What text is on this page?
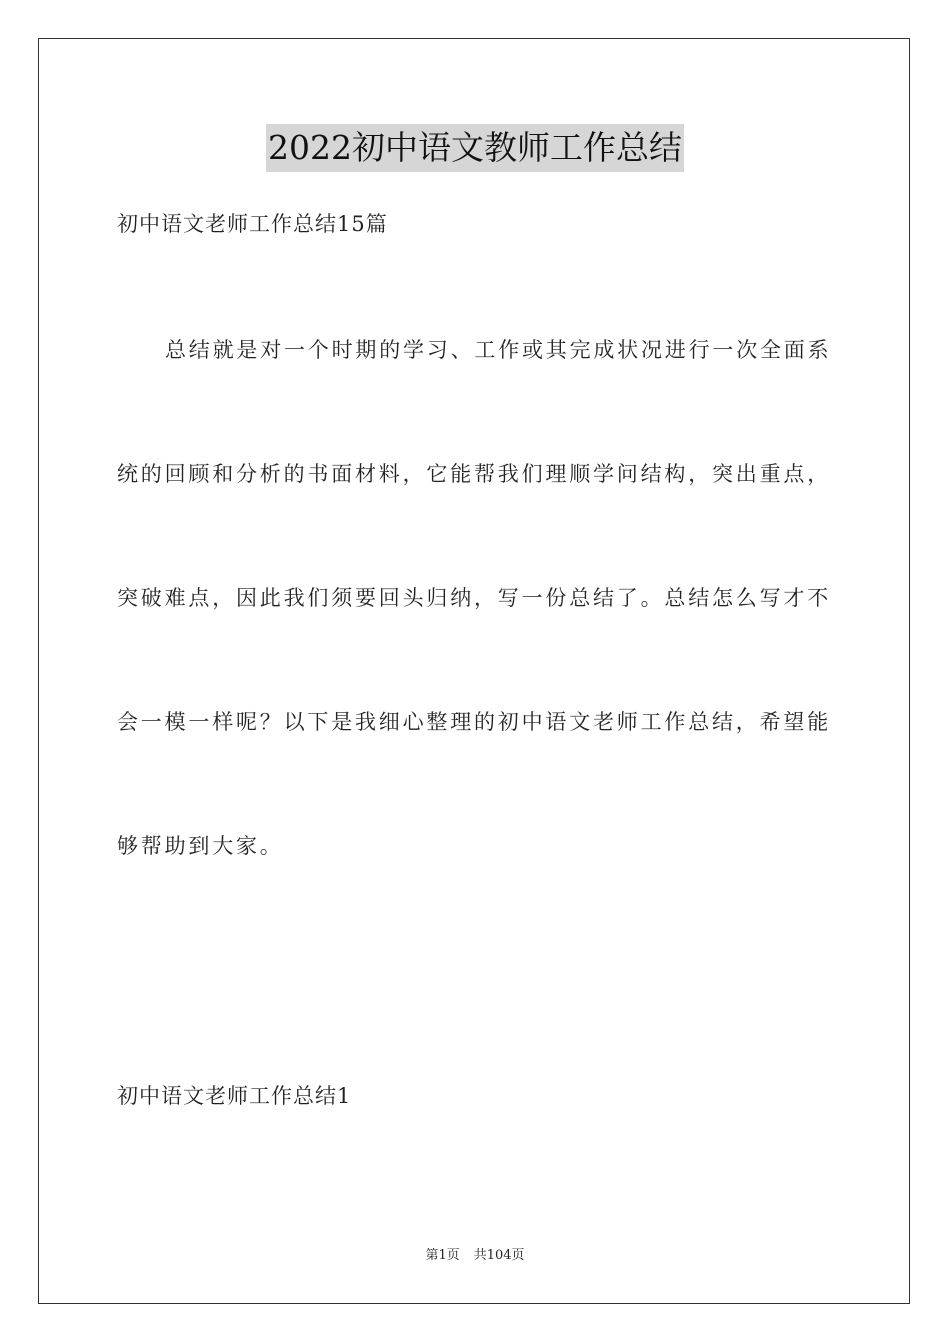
2022初中语文教师工作总结
初中语文老师工作总结15篇
总结就是对一个时期的学习、工作或其完成状况进行一次全面系
统的回顾和分析的书面材料，它能帮我们理顺学问结构，突出重点，
突破难点，因此我们须要回头归纳，写一份总结了。总结怎么写才不
会一模一样呢？以下是我细心整理的初中语文老师工作总结，希望能
够帮助到大家。
初中语文老师工作总结1
第1页 共104页
